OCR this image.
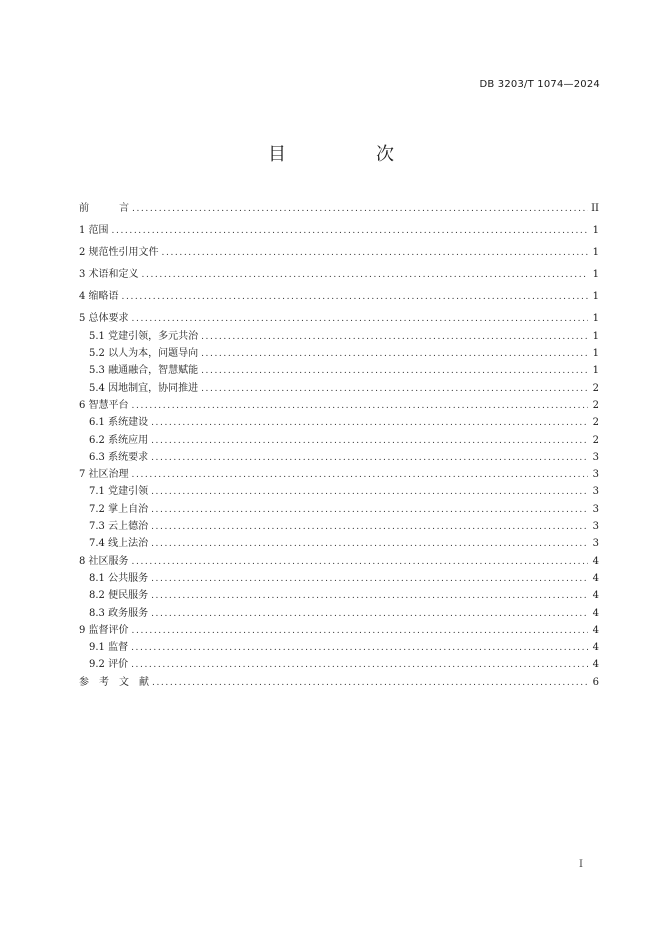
DB 3203/T 1074—2024
目　次
前　　　言 .....	II
1 范围 .....	1
2 规范性引用文件 .....	1
3 术语和定义 .....	1
4 缩略语 .....	1
5 总体要求 .....	1
5.1 党建引领，多元共治 .....	1
5.2 以人为本，问题导向 .....	1
5.3 融通融合，智慧赋能 .....	1
5.4 因地制宜，协同推进 .....	2
6 智慧平台 .....	2
6.1 系统建设 .....	2
6.2 系统应用 .....	2
6.3 系统要求 .....	3
7 社区治理 .....	3
7.1 党建引领 .....	3
7.2 掌上自治 .....	3
7.3 云上德治 .....	3
7.4 线上法治 .....	3
8 社区服务 .....	4
8.1 公共服务 .....	4
8.2 便民服务 .....	4
8.3 政务服务 .....	4
9 监督评价 .....	4
9.1 监督 .....	4
9.2 评价 .....	4
参　考　文　献 .....	6
I
